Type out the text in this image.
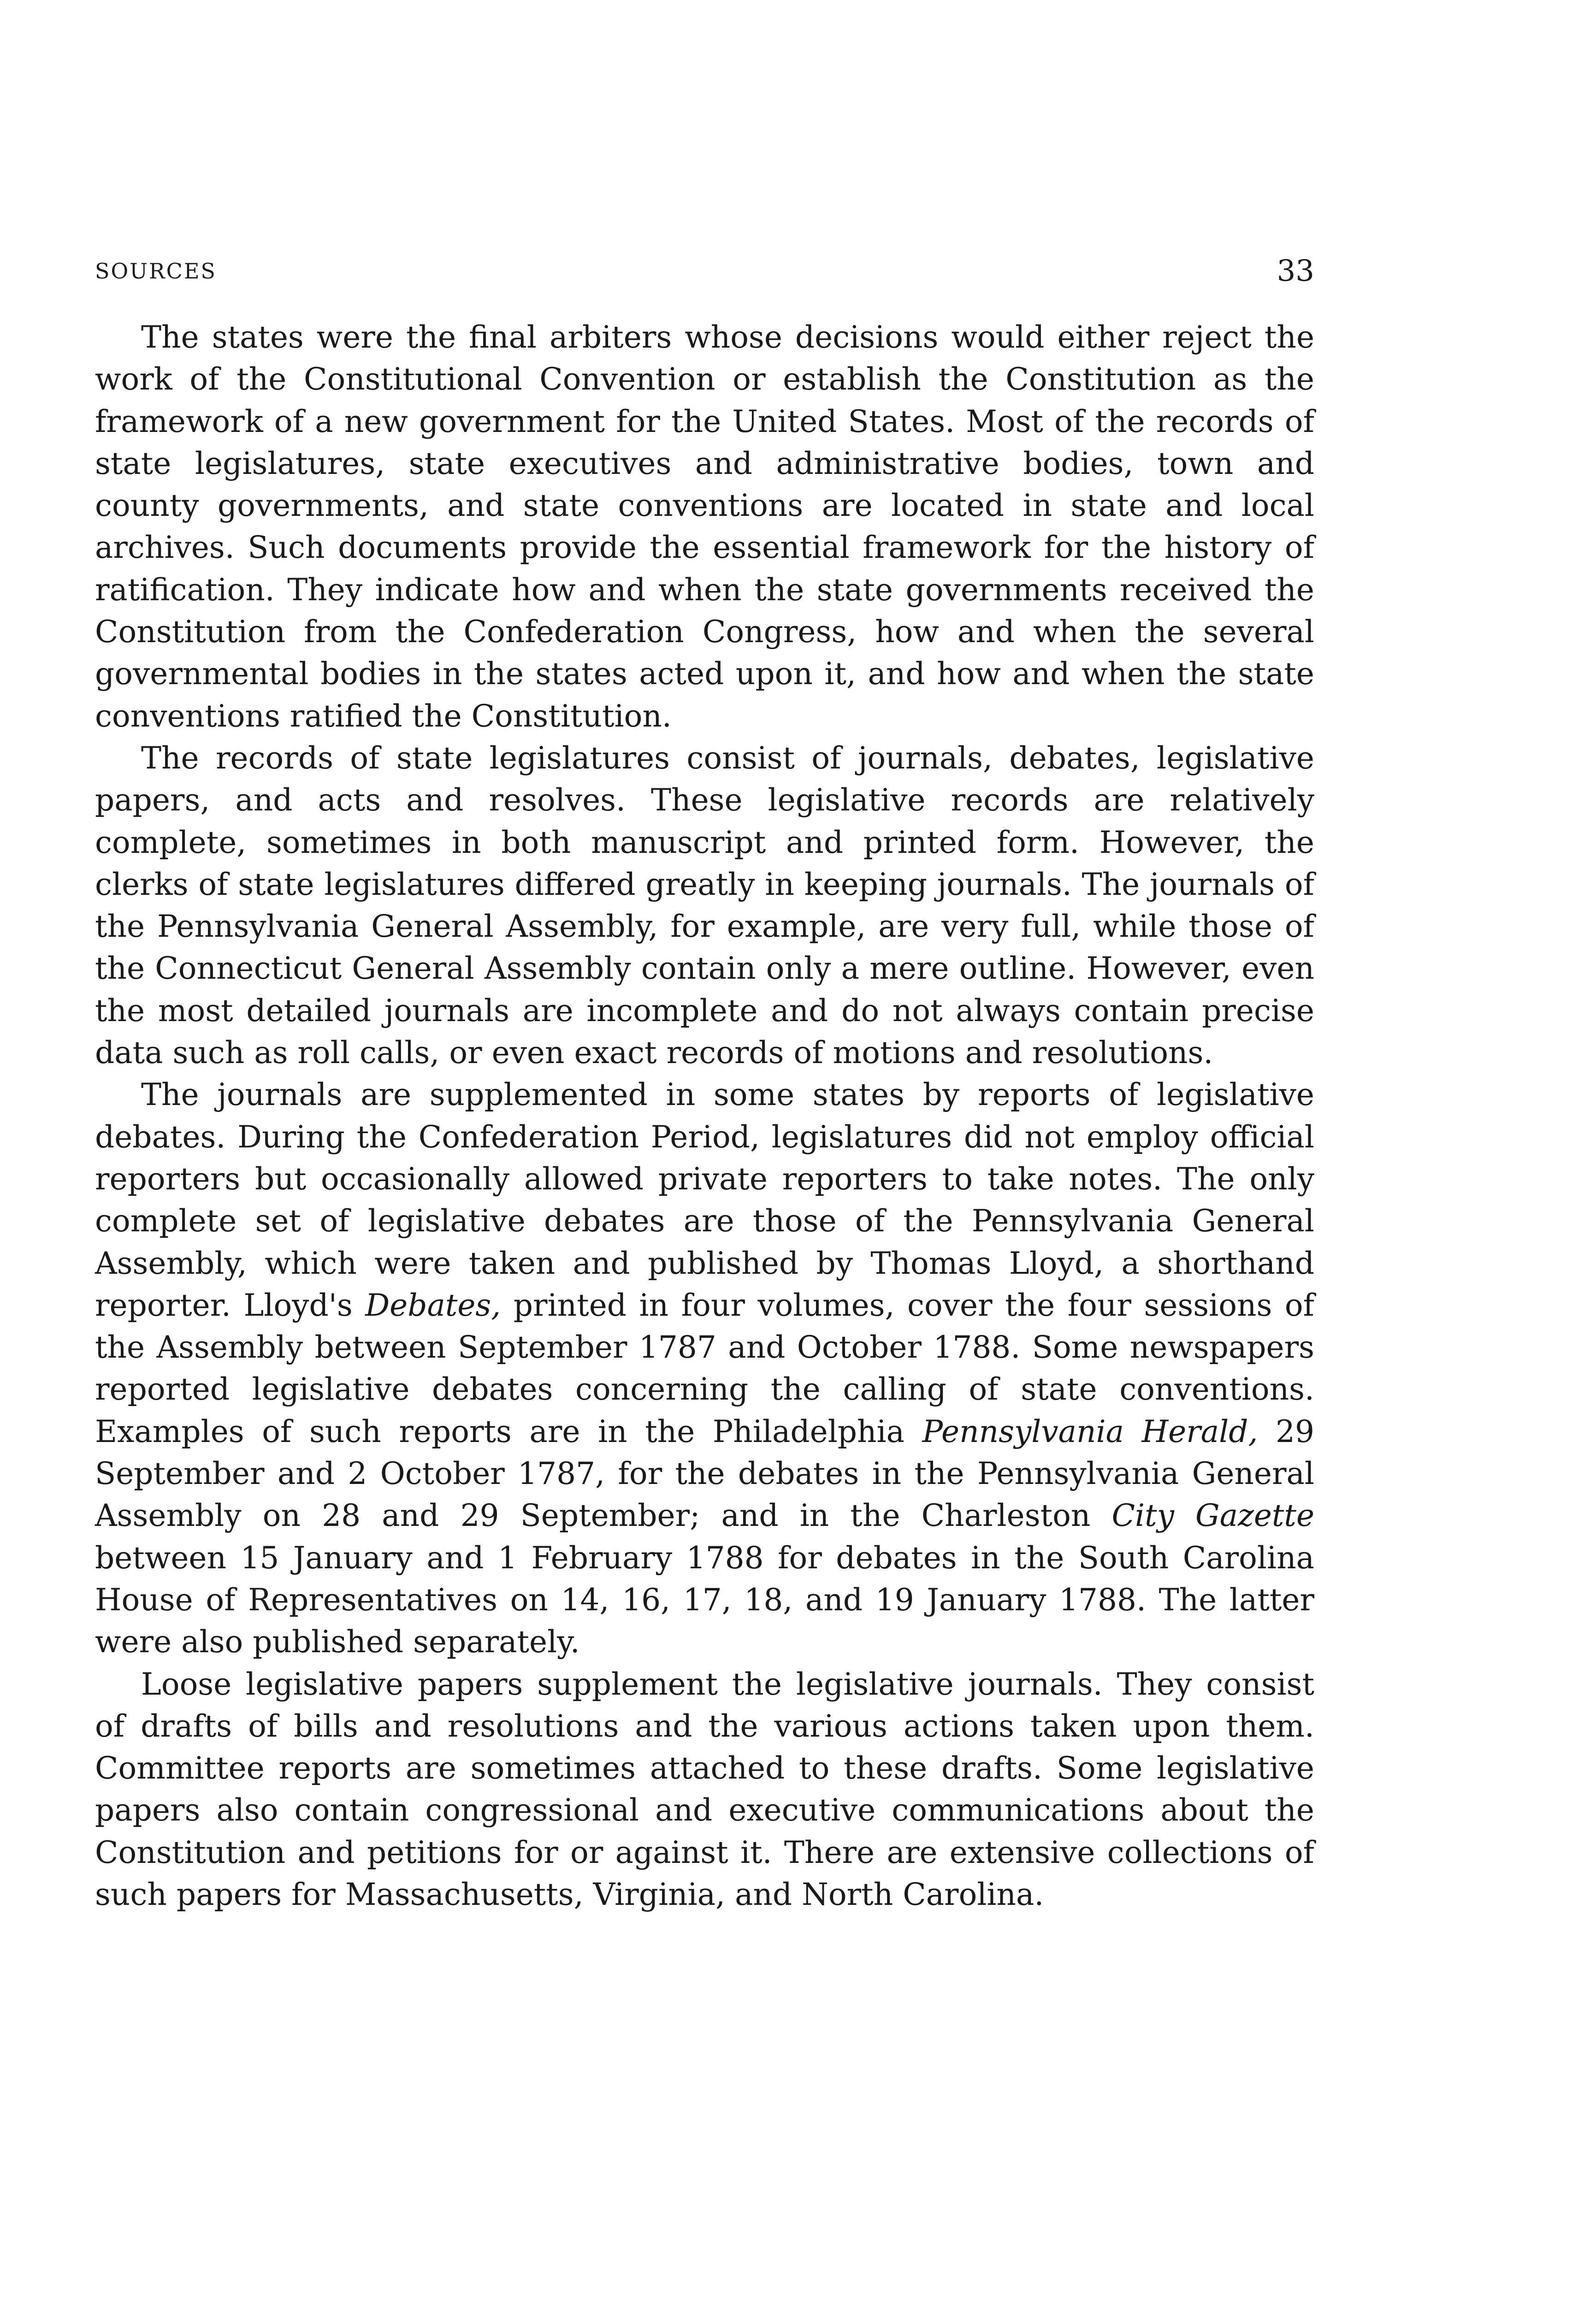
SOURCES	33

The states were the final arbiters whose decisions would either reject the work of the Constitutional Convention or establish the Constitution as the framework of a new government for the United States. Most of the records of state legislatures, state executives and administrative bodies, town and county governments, and state conventions are located in state and local archives. Such documents provide the essential framework for the history of ratification. They indicate how and when the state governments received the Constitution from the Confederation Congress, how and when the several governmental bodies in the states acted upon it, and how and when the state conventions ratified the Constitution.

The records of state legislatures consist of journals, debates, legislative papers, and acts and resolves. These legislative records are relatively complete, sometimes in both manuscript and printed form. However, the clerks of state legislatures differed greatly in keeping journals. The journals of the Pennsylvania General Assembly, for example, are very full, while those of the Connecticut General Assembly contain only a mere outline. However, even the most detailed journals are incomplete and do not always contain precise data such as roll calls, or even exact records of motions and resolutions.

The journals are supplemented in some states by reports of legislative debates. During the Confederation Period, legislatures did not employ official reporters but occasionally allowed private reporters to take notes. The only complete set of legislative debates are those of the Pennsylvania General Assembly, which were taken and published by Thomas Lloyd, a shorthand reporter. Lloyd's Debates, printed in four volumes, cover the four sessions of the Assembly between September 1787 and October 1788. Some newspapers reported legislative debates concerning the calling of state conventions. Examples of such reports are in the Philadelphia Pennsylvania Herald, 29 September and 2 October 1787, for the debates in the Pennsylvania General Assembly on 28 and 29 September; and in the Charleston City Gazette between 15 January and 1 February 1788 for debates in the South Carolina House of Representatives on 14, 16, 17, 18, and 19 January 1788. The latter were also published separately.

Loose legislative papers supplement the legislative journals. They consist of drafts of bills and resolutions and the various actions taken upon them. Committee reports are sometimes attached to these drafts. Some legislative papers also contain congressional and executive communications about the Constitution and petitions for or against it. There are extensive collections of such papers for Massachusetts, Virginia, and North Carolina.
